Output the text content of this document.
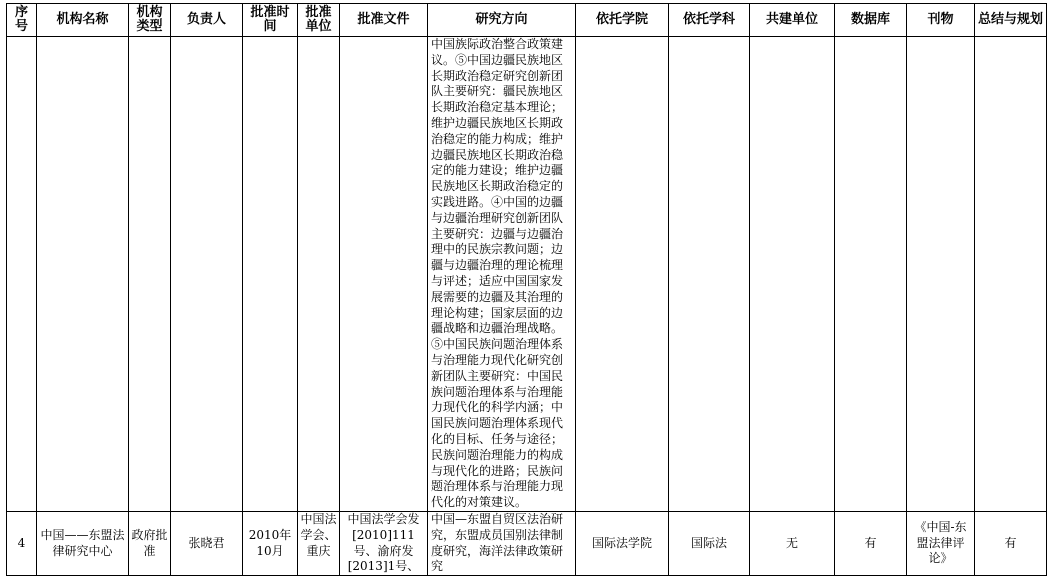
序号	机构名称	机构类型	负责人	批准时间	批准单位	批准文件	研究方向	依托学院	依托学科	共建单位	数据库	刊物	总结与规划

							中国族际政治整合政策建议。⑤中国边疆民族地区长期政治稳定研究创新团队主要研究：疆民族地区长期政治稳定基本理论；维护边疆民族地区长期政治稳定的能力构成；维护边疆民族地区长期政治稳定的能力建设；维护边疆民族地区长期政治稳定的实践进路。④中国的边疆与边疆治理研究创新团队主要研究：边疆与边疆治理中的民族宗教问题；边疆与边疆治理的理论梳理与评述；适应中国国家发展需要的边疆及其治理的理论构建；国家层面的边疆战略和边疆治理战略。
⑤中国民族问题治理体系与治理能力现代化研究创新团队主要研究：中国民族问题治理体系与治理能力现代化的科学内涵；中国民族问题治理体系现代化的目标、任务与途径；民族问题治理能力的构成与现代化的进路；民族问题治理体系与治理能力现代化的对策建议。						

4	中国——东盟法律研究中心	政府批准	张晓君	2010年10月	中国法学会、重庆	中国法学会发[2010]111号、渝府发[2013]1号、	中国—东盟自贸区法治研究，东盟成员国别法律制度研究，海洋法律政策研究	国际法学院	国际法	无	有	《中国-东盟法律评论》	有
